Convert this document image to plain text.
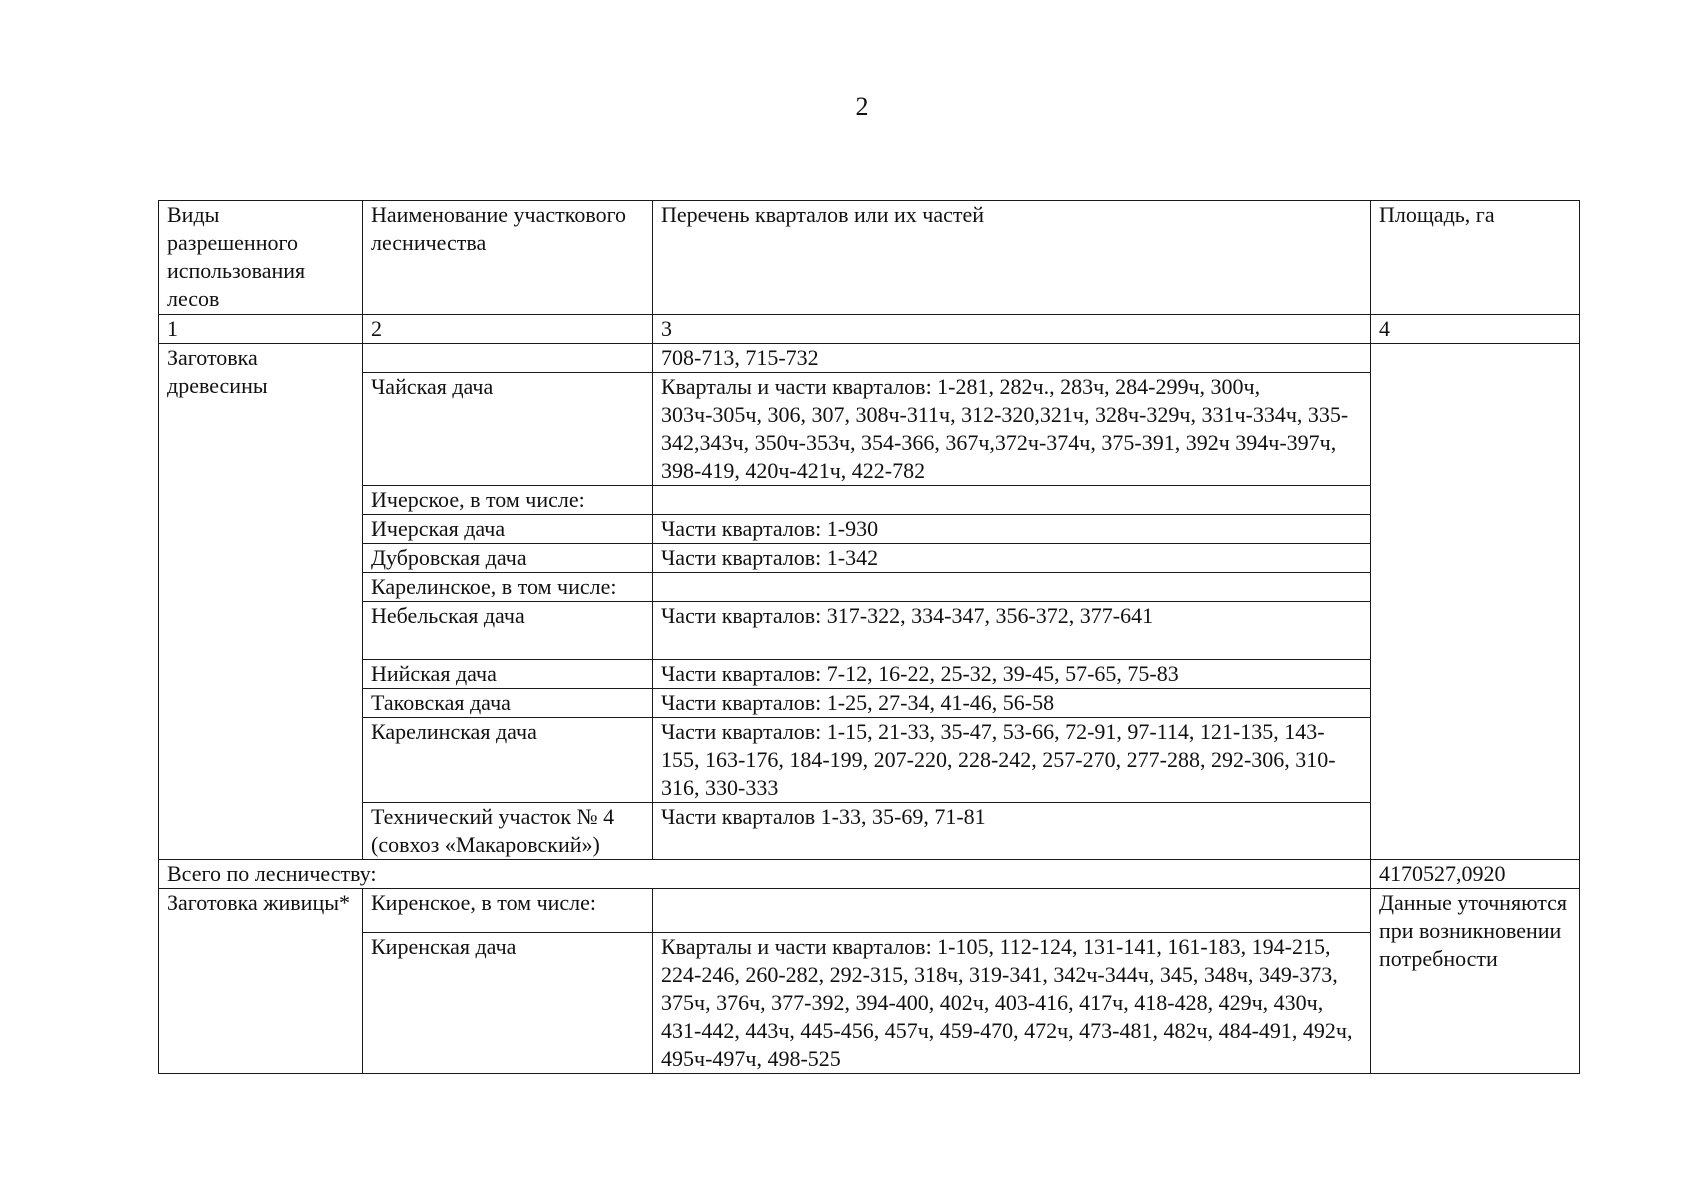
2
Виды разрешенного использования лесов	Наименование участкового лесничества	Перечень кварталов или их частей	Площадь, га
1	2	3	4
Заготовка древесины		708-713, 715-732	
	Чайская дача	Кварталы и части кварталов: 1-281, 282ч., 283ч, 284-299ч, 300ч, 303ч-305ч, 306, 307, 308ч-311ч, 312-320,321ч, 328ч-329ч, 331ч-334ч, 335-342,343ч, 350ч-353ч, 354-366, 367ч,372ч-374ч, 375-391, 392ч 394ч-397ч, 398-419, 420ч-421ч, 422-782	
	Ичерское, в том числе:		
	Ичерская дача	Части кварталов: 1-930	
	Дубровская дача	Части кварталов: 1-342	
	Карелинское, в том числе:		
	Небельская дача	Части кварталов: 317-322, 334-347, 356-372, 377-641	
	Нийская дача	Части кварталов: 7-12, 16-22, 25-32, 39-45, 57-65, 75-83	
	Таковская дача	Части кварталов: 1-25, 27-34, 41-46, 56-58	
	Карелинская дача	Части кварталов: 1-15, 21-33, 35-47, 53-66, 72-91, 97-114, 121-135, 143-155, 163-176, 184-199, 207-220, 228-242, 257-270, 277-288, 292-306, 310-316, 330-333	
	Технический участок № 4 (совхоз «Макаровский»)	Части кварталов 1-33, 35-69, 71-81	
Всего по лесничеству:			4170527,0920
Заготовка живицы*	Киренское, в том числе:		Данные уточняются при возникновении потребности
	Киренская дача	Кварталы и части кварталов: 1-105, 112-124, 131-141, 161-183, 194-215, 224-246, 260-282, 292-315, 318ч, 319-341, 342ч-344ч, 345, 348ч, 349-373, 375ч, 376ч, 377-392, 394-400, 402ч, 403-416, 417ч, 418-428, 429ч, 430ч, 431-442, 443ч, 445-456, 457ч, 459-470, 472ч, 473-481, 482ч, 484-491, 492ч, 495ч-497ч, 498-525	
